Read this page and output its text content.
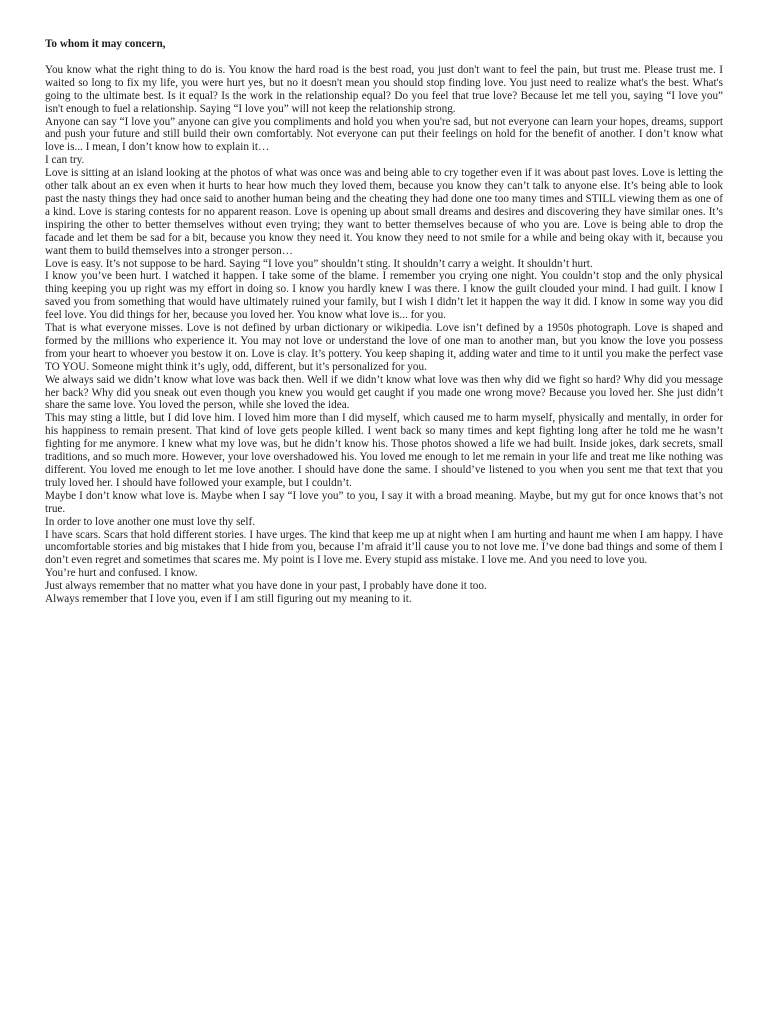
To whom it may concern,

You know what the right thing to do is. You know the hard road is the best road, you just don't want to feel the pain, but trust me. Please trust me. I waited so long to fix my life, you were hurt yes, but no it doesn't mean you should stop finding love. You just need to realize what's the best. What's going to the ultimate best. Is it equal? Is the work in the relationship equal? Do you feel that true love? Because let me tell you, saying “I love you” isn't enough to fuel a relationship. Saying “I love you” will not keep the relationship strong.

Anyone can say “I love you” anyone can give you compliments and hold you when you're sad, but not everyone can learn your hopes, dreams, support and push your future and still build their own comfortably. Not everyone can put their feelings on hold for the benefit of another. I don’t know what love is... I mean, I don’t know how to explain it…

I can try.

Love is sitting at an island looking at the photos of what was once was and being able to cry together even if it was about past loves. Love is letting the other talk about an ex even when it hurts to hear how much they loved them, because you know they can’t talk to anyone else. It’s being able to look past the nasty things they had once said to another human being and the cheating they had done one too many times and STILL viewing them as one of a kind. Love is staring contests for no apparent reason. Love is opening up about small dreams and desires and discovering they have similar ones. It’s inspiring the other to better themselves without even trying; they want to better themselves because of who you are. Love is being able to drop the facade and let them be sad for a bit, because you know they need it. You know they need to not smile for a while and being okay with it, because you want them to build themselves into a stronger person…

Love is easy. It’s not suppose to be hard. Saying “I love you” shouldn’t sting. It shouldn’t carry a weight. It shouldn’t hurt.

I know you’ve been hurt. I watched it happen. I take some of the blame. I remember you crying one night. You couldn’t stop and the only physical thing keeping you up right was my effort in doing so. I know you hardly knew I was there. I know the guilt clouded your mind. I had guilt. I know I saved you from something that would have ultimately ruined your family, but I wish I didn’t let it happen the way it did. I know in some way you did feel love. You did things for her, because you loved her. You know what love is... for you.

That is what everyone misses. Love is not defined by urban dictionary or wikipedia. Love isn’t defined by a 1950s photograph. Love is shaped and formed by the millions who experience it. You may not love or understand the love of one man to another man, but you know the love you possess from your heart to whoever you bestow it on. Love is clay. It’s pottery. You keep shaping it, adding water and time to it until you make the perfect vase TO YOU. Someone might think it’s ugly, odd, different, but it’s personalized for you.

We always said we didn’t know what love was back then. Well if we didn’t know what love was then why did we fight so hard? Why did you message her back? Why did you sneak out even though you knew you would get caught if you made one wrong move? Because you loved her. She just didn’t share the same love. You loved the person, while she loved the idea.

This may sting a little, but I did love him. I loved him more than I did myself, which caused me to harm myself, physically and mentally, in order for his happiness to remain present. That kind of love gets people killed. I went back so many times and kept fighting long after he told me he wasn’t fighting for me anymore. I knew what my love was, but he didn’t know his. Those photos showed a life we had built. Inside jokes, dark secrets, small traditions, and so much more. However, your love overshadowed his. You loved me enough to let me remain in your life and treat me like nothing was different. You loved me enough to let me love another. I should have done the same. I should’ve listened to you when you sent me that text that you truly loved her. I should have followed your example, but I couldn’t.

Maybe I don’t know what love is. Maybe when I say “I love you” to you, I say it with a broad meaning. Maybe, but my gut for once knows that’s not true.

In order to love another one must love thy self.

I have scars. Scars that hold different stories. I have urges. The kind that keep me up at night when I am hurting and haunt me when I am happy. I have uncomfortable stories and big mistakes that I hide from you, because I’m afraid it’ll cause you to not love me. I’ve done bad things and some of them I don’t even regret and sometimes that scares me. My point is I love me. Every stupid ass mistake. I love me. And you need to love you.

You’re hurt and confused. I know.

Just always remember that no matter what you have done in your past, I probably have done it too.

Always remember that I love you, even if I am still figuring out my meaning to it.
